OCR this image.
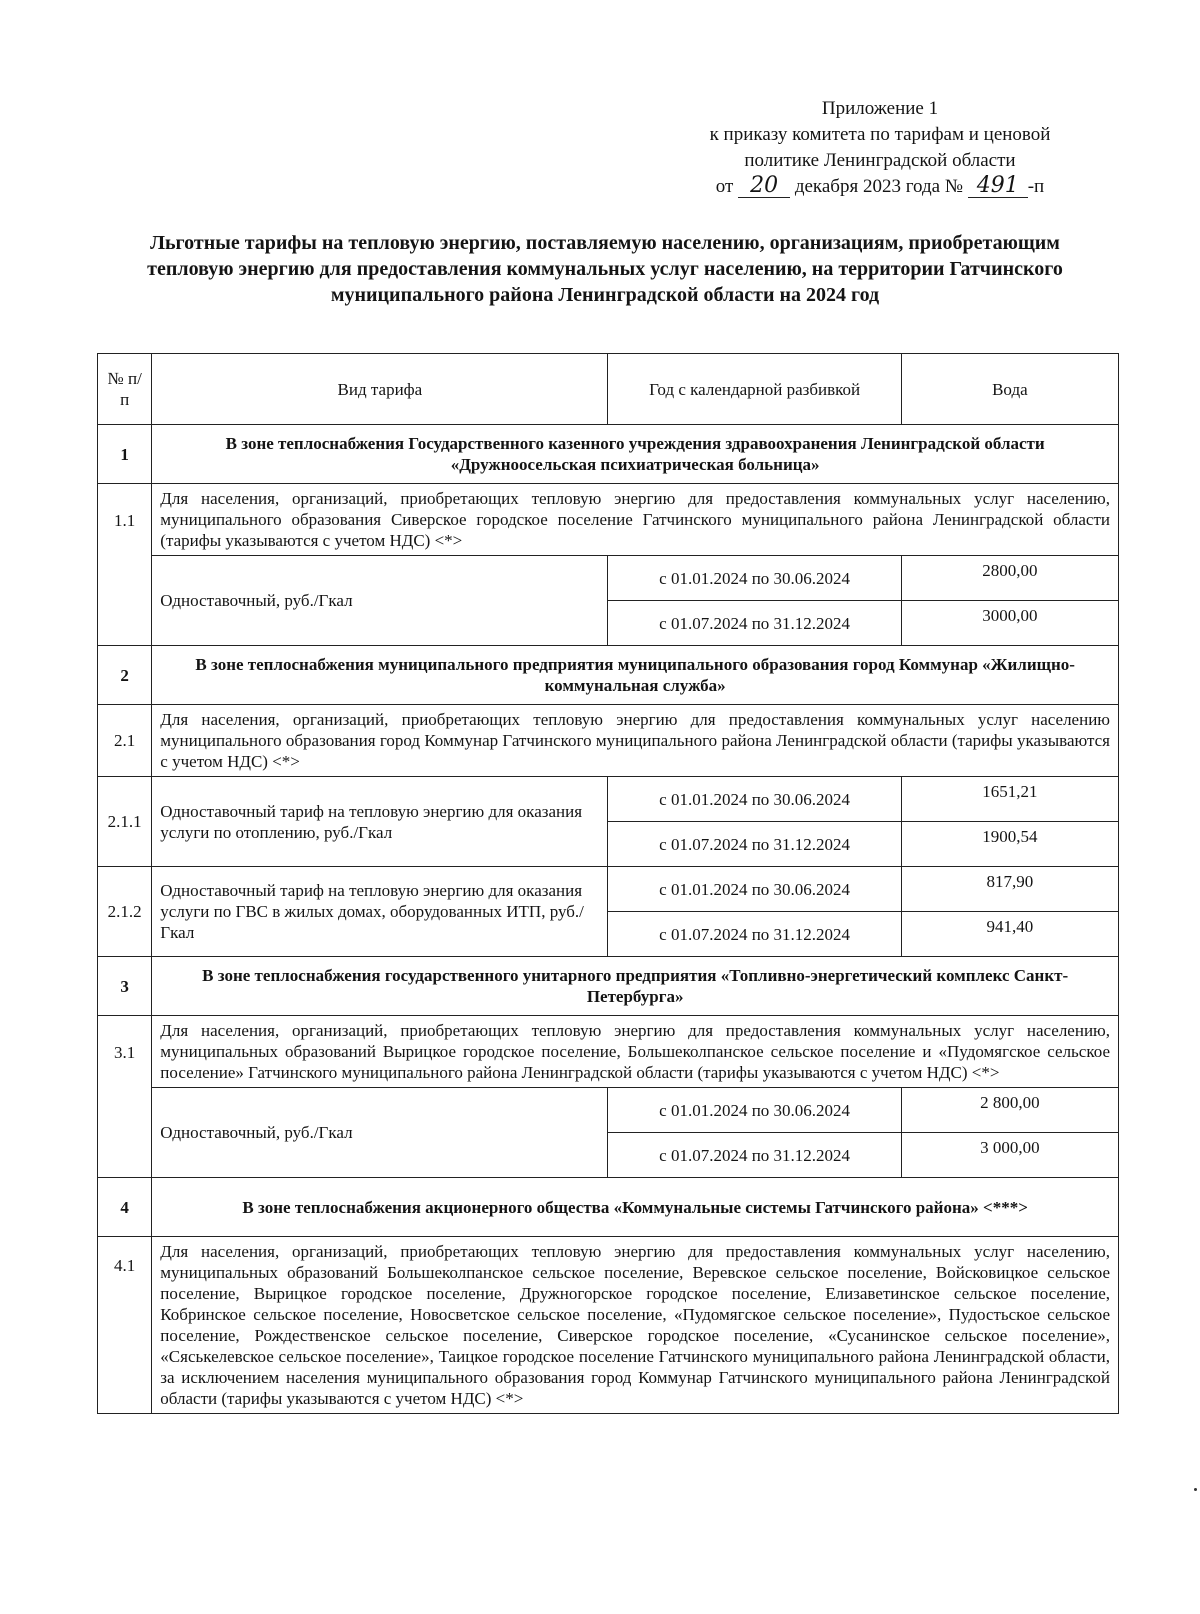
Приложение 1
к приказу комитета по тарифам и ценовой
политике Ленинградской области
от 20 декабря 2023 года № 491 -п
Льготные тарифы на тепловую энергию, поставляемую населению, организациям, приобретающим тепловую энергию для предоставления коммунальных услуг населению, на территории Гатчинского муниципального района Ленинградской области на 2024 год
№ п/п	Вид тарифа	Год с календарной разбивкой	Вода
1	В зоне теплоснабжения Государственного казенного учреждения здравоохранения Ленинградской области «Дружноосельская психиатрическая больница»		
1.1	Для населения, организаций, приобретающих тепловую энергию для предоставления коммунальных услуг населению, муниципального образования Сиверское городское поселение Гатчинского муниципального района Ленинградской области (тарифы указываются с учетом НДС) <*>		
	Одноставочный, руб./Гкал	с 01.01.2024 по 30.06.2024	2800,00
		с 01.07.2024 по 31.12.2024	3000,00
2	В зоне теплоснабжения муниципального предприятия муниципального образования город Коммунар «Жилищно-коммунальная служба»		
2.1	Для населения, организаций, приобретающих тепловую энергию для предоставления коммунальных услуг населению муниципального образования город Коммунар Гатчинского муниципального района Ленинградской области (тарифы указываются с учетом НДС) <*>		
2.1.1	Одноставочный тариф на тепловую энергию для оказания услуги по отоплению, руб./Гкал	с 01.01.2024 по 30.06.2024	1651,21
		с 01.07.2024 по 31.12.2024	1900,54
2.1.2	Одноставочный тариф на тепловую энергию для оказания услуги по ГВС в жилых домах, оборудованных ИТП, руб./Гкал	с 01.01.2024 по 30.06.2024	817,90
		с 01.07.2024 по 31.12.2024	941,40
3	В зоне теплоснабжения государственного унитарного предприятия «Топливно-энергетический комплекс Санкт-Петербурга»		
3.1	Для населения, организаций, приобретающих тепловую энергию для предоставления коммунальных услуг населению, муниципальных образований Вырицкое городское поселение, Большеколпанское сельское поселение и «Пудомягское сельское поселение» Гатчинского муниципального района Ленинградской области (тарифы указываются с учетом НДС) <*>		
	Одноставочный, руб./Гкал	с 01.01.2024 по 30.06.2024	2 800,00
		с 01.07.2024 по 31.12.2024	3 000,00
4	В зоне теплоснабжения акционерного общества «Коммунальные системы Гатчинского района» <***>		
4.1	Для населения, организаций, приобретающих тепловую энергию для предоставления коммунальных услуг населению, муниципальных образований Большеколпанское сельское поселение, Веревское сельское поселение, Войсковицкое сельское поселение, Вырицкое городское поселение, Дружногорское городское поселение, Елизаветинское сельское поселение, Кобринское сельское поселение, Новосветское сельское поселение, «Пудомягское сельское поселение», Пудостьское сельское поселение, Рождественское сельское поселение, Сиверское городское поселение, «Сусанинское сельское поселение», «Сяськелевское сельское поселение», Таицкое городское поселение Гатчинского муниципального района Ленинградской области, за исключением населения муниципального образования город Коммунар Гатчинского муниципального района Ленинградской области (тарифы указываются с учетом НДС) <*>		
